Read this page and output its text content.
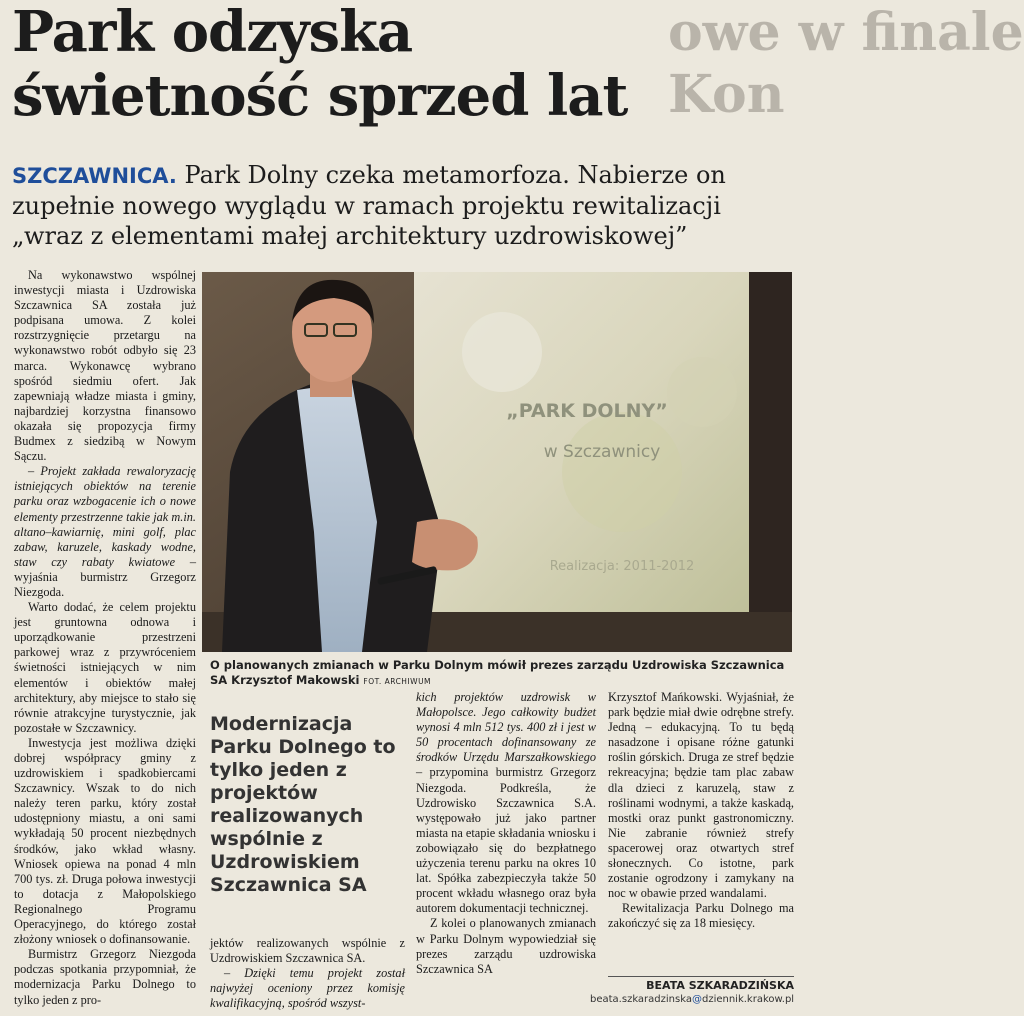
Park odzyska
świetność sprzed lat
owe w finale
Kon
SZCZAWNICA. Park Dolny czeka metamorfoza. Nabierze on zupełnie nowego wyglądu w ramach projektu rewitalizacji „wraz z elementami małej architektury uzdrowiskowej”

Na wykonawstwo wspólnej inwestycji miasta i Uzdrowiska Szczawnica SA została już podpisana umowa. Z kolei rozstrzygnięcie przetargu na wykonawstwo robót odbyło się 23 marca. Wykonawcę wybrano spośród siedmiu ofert. Jak zapewniają władze miasta i gminy, najbardziej korzystna finansowo okazała się propozycja firmy Budmex z siedzibą w Nowym Sączu.

– Projekt zakłada rewaloryzację istniejących obiektów na terenie parku oraz wzbogacenie ich o nowe elementy przestrzenne takie jak m.in. altano–kawiarnię, mini golf, plac zabaw, karuzele, kaskady wodne, staw czy rabaty kwiatowe – wyjaśnia burmistrz Grzegorz Niezgoda.

Warto dodać, że celem projektu jest gruntowna odnowa i uporządkowanie przestrzeni parkowej wraz z przywróceniem świetności istniejących w nim elementów i obiektów małej architektury, aby miejsce to stało się równie atrakcyjne turystycznie, jak pozostałe w Szczawnicy.

Inwestycja jest możliwa dzięki dobrej współpracy gminy z uzdrowiskiem i spadkobiercami Szczawnicy. Wszak to do nich należy teren parku, który został udostępniony miastu, a oni sami wykładają 50 procent niezbędnych środków, jako wkład własny. Wniosek opiewa na ponad 4 mln 700 tys. zł. Druga połowa inwestycji to dotacja z Małopolskiego Regionalnego Programu Operacyjnego, do którego został złożony wniosek o dofinansowanie.

Burmistrz Grzegorz Niezgoda podczas spotkania przypomniał, że modernizacja Parku Dolnego to tylko jeden z pro-

„PARK DOLNY”
w Szczawnicy
Realizacja: 2011-2012
O planowanych zmianach w Parku Dolnym mówił prezes zarządu Uzdrowiska Szczawnica SA Krzysztof Makowski FOT. ARCHIWUM
Modernizacja Parku Dolnego to tylko jeden z projektów realizowanych wspólnie z Uzdrowiskiem Szczawnica SA

jektów realizowanych wspólnie z Uzdrowiskiem Szczawnica SA.

– Dzięki temu projekt został najwyżej oceniony przez komisję kwalifikacyjną, spośród wszyst-

kich projektów uzdrowisk w Małopolsce. Jego całkowity budżet wynosi 4 mln 512 tys. 400 zł i jest w 50 procentach dofinansowany ze środków Urzędu Marszałkowskiego – przypomina burmistrz Grzegorz Niezgoda. Podkreśla, że Uzdrowisko Szczawnica S.A. występowało już jako partner miasta na etapie składania wniosku i zobowiązało się do bezpłatnego użyczenia terenu parku na okres 10 lat. Spółka zabezpieczyła także 50 procent wkładu własnego oraz była autorem dokumentacji technicznej.

Z kolei o planowanych zmianach w Parku Dolnym wypowiedział się prezes zarządu uzdrowiska Szczawnica SA

Krzysztof Mańkowski. Wyjaśniał, że park będzie miał dwie odrębne strefy. Jedną – edukacyjną. To tu będą nasadzone i opisane różne gatunki roślin górskich. Druga ze stref będzie rekreacyjna; będzie tam plac zabaw dla dzieci z karuzelą, staw z roślinami wodnymi, a także kaskadą, mostki oraz punkt gastronomiczny. Nie zabranie również strefy spacerowej oraz otwartych stref słonecznych. Co istotne, park zostanie ogrodzony i zamykany na noc w obawie przed wandalami.

Rewitalizacja Parku Dolnego ma zakończyć się za 18 miesięcy.

BEATA SZKARADZIŃSKA
beata.szkaradzinska@dziennik.krakow.pl
